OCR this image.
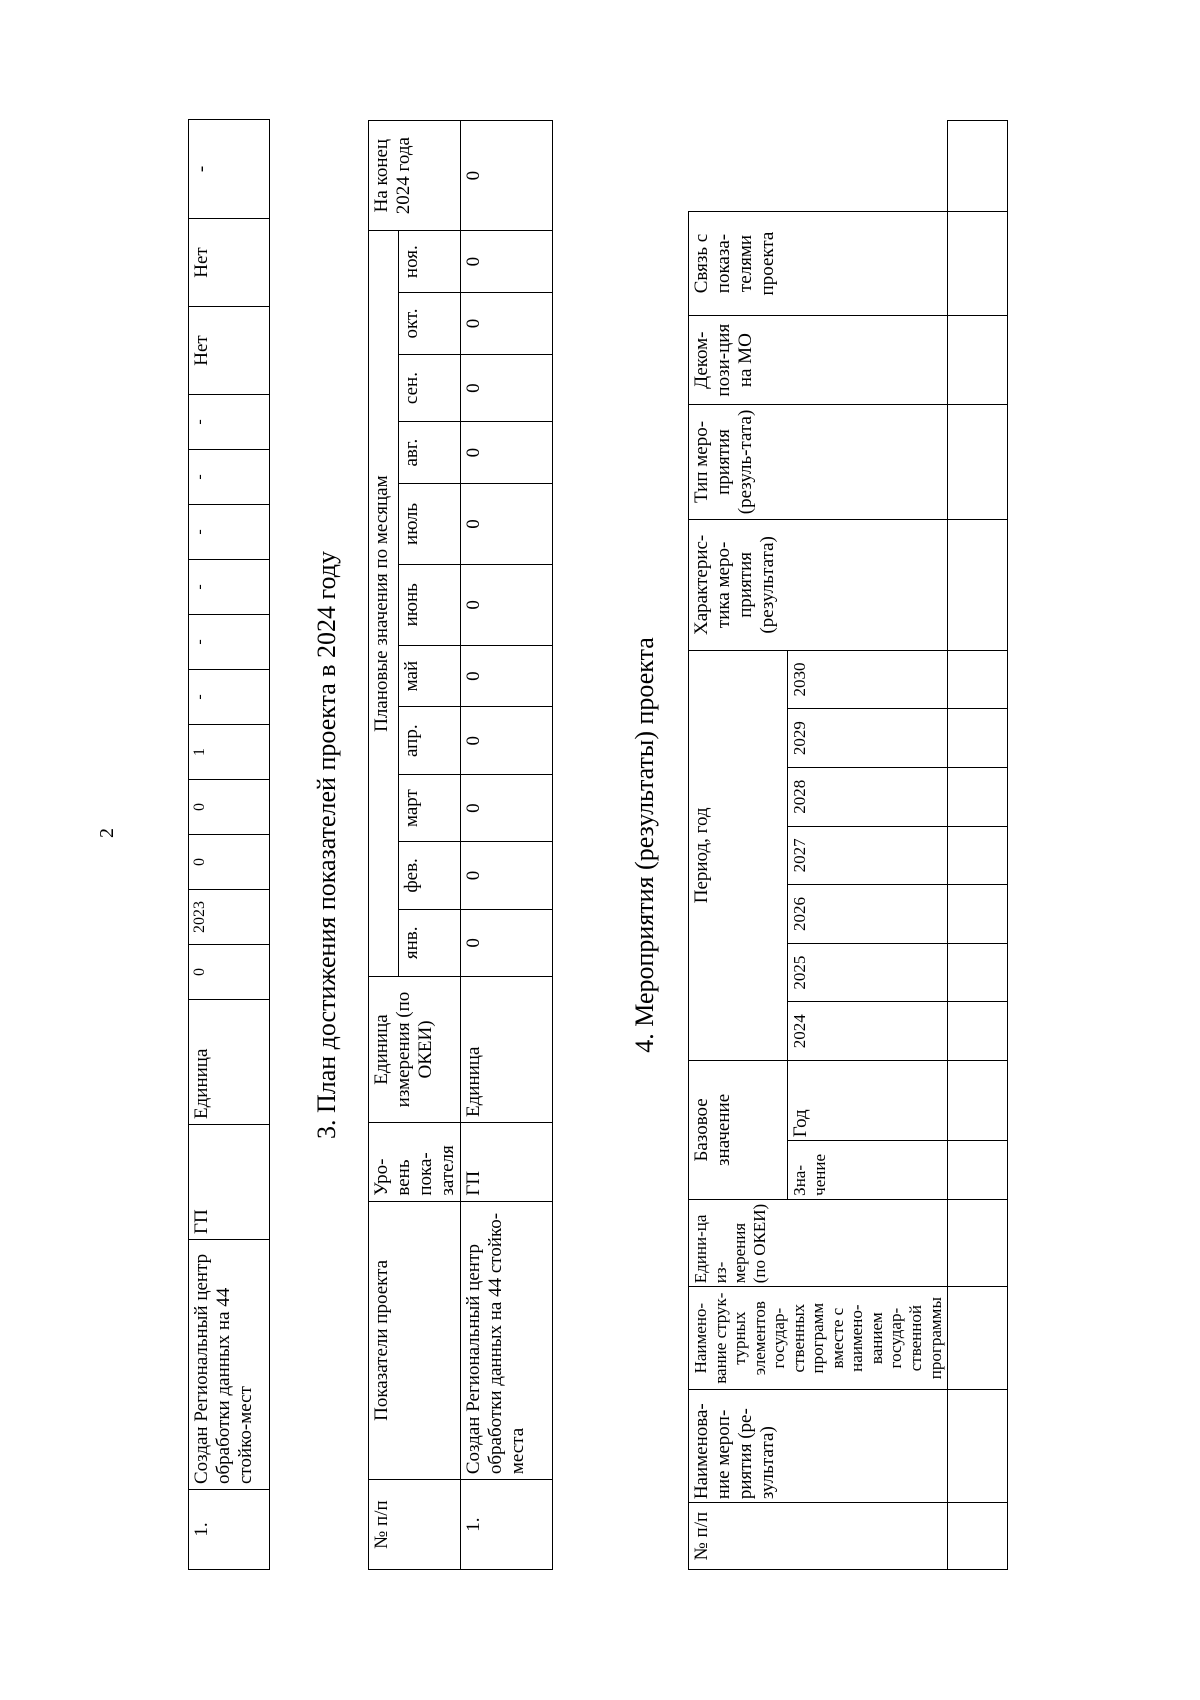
2
1.	Создан Региональный центр обработки данных на 44 стойко-мест	ГП	Единица	0	2023	0	0	1	-	-	-	-	-	-	Нет	Нет	-
3. План достижения показателей проекта в 2024 году
№ п/п	Показатели проекта	Уро-вень пока-зателя	Единица измерения (по ОКЕИ)	Плановые значения по месяцам											На конец 2024 года
				янв.	фев.	март	апр.	май	июнь	июль	авг.	сен.	окт.	ноя.	
1.	Создан Региональный центр обработки данных на 44 стойко-места	ГП	Единица	0	0	0	0	0	0	0	0	0	0	0	0
4. Мероприятия (результаты) проекта
№ п/п	Наименова-ние мероп-риятия (ре-зультата)	Наимено-вание струк-турных элементов государ-ственных программ вместе с наимено-ванием государ-ственной программы	Едини-ца из-мерения (по ОКЕИ)	Базовое значение		Период, год							Характерис-тика меро-приятия (результата)	Тип меро-приятия (резуль-тата)	Деком-пози-ция на МО	Связь с показа-телями проекта	
				Зна-чение	Год	2024	2025	2026	2027	2028	2029	2030					
